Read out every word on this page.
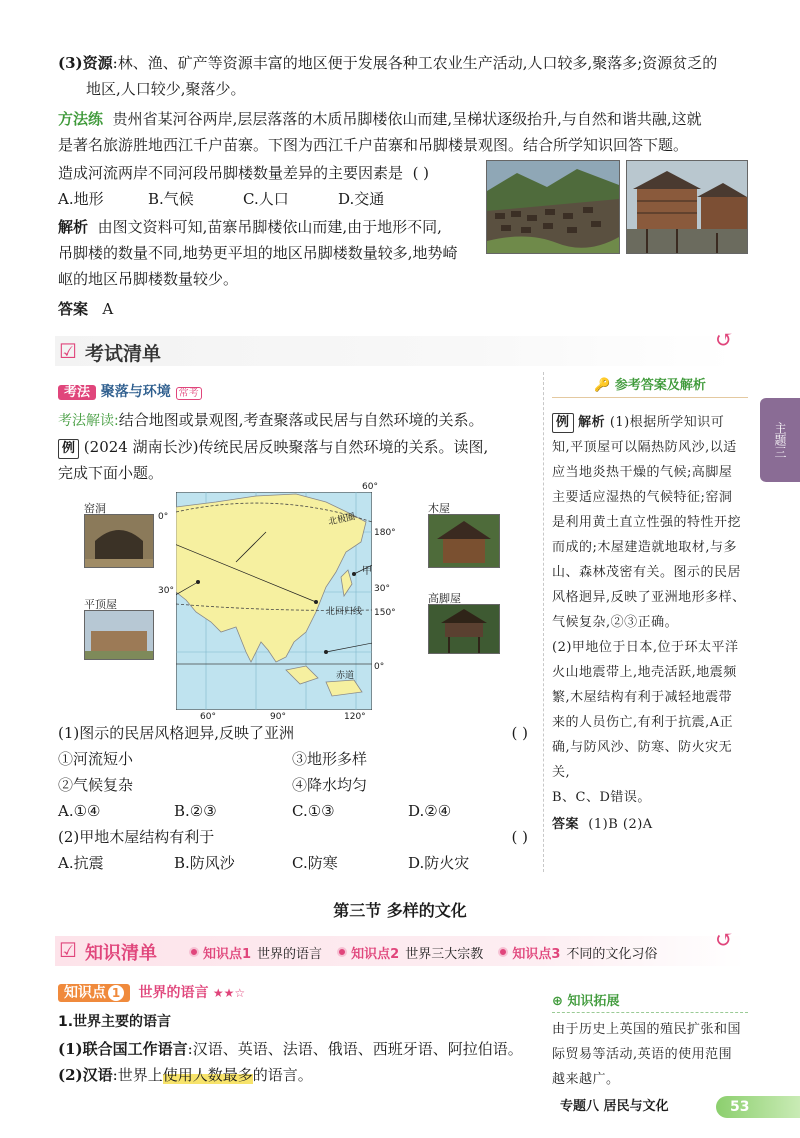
(3)资源:林、渔、矿产等资源丰富的地区便于发展各种工农业生产活动,人口较多,聚落多;资源贫乏的
地区,人口较少,聚落少。
方法练 贵州省某河谷两岸,层层落落的木质吊脚楼依山而建,呈梯状逐级抬升,与自然和谐共融,这就
是著名旅游胜地西江千户苗寨。下图为西江千户苗寨和吊脚楼景观图。结合所学知识回答下题。
造成河流两岸不同河段吊脚楼数量差异的主要因素是 ( )
A.地形	B.气候	C.人口	D.交通
解析 由图文资料可知,苗寨吊脚楼依山而建,由于地形不同,
吊脚楼的数量不同,地势更平坦的地区吊脚楼数量较多,地势崎
岖的地区吊脚楼数量较少。
答案 A
☑ 考试清单
↺
考法 聚落与环境 常考
考法解读:结合地图或景观图,考查聚落或民居与自然环境的关系。
例 (2024 湖南长沙)传统民居反映聚落与自然环境的关系。读图,
完成下面小题。
北极圈
北回归线
赤道
甲
60°
180°
0°
30°	30°
150°
0°
60°	90°	120°
窑洞
平顶屋
木屋
高脚屋
(1)图示的民居风格迥异,反映了亚洲	( )
①河流短小	③地形多样
②气候复杂	④降水均匀
A.①④	B.②③	C.①③	D.②④
(2)甲地木屋结构有利于	( )
A.抗震	B.防风沙	C.防寒	D.防火灾
🔑 参考答案及解析
例 解析 (1)根据所学知识可
知,平顶屋可以隔热防风沙,以适
应当地炎热干燥的气候;高脚屋
主要适应湿热的气候特征;窑洞
是利用黄土直立性强的特性开挖
而成的;木屋建造就地取材,与多
山、森林茂密有关。图示的民居
风格迥异,反映了亚洲地形多样、
气候复杂,②③正确。
(2)甲地位于日本,位于环太平洋
火山地震带上,地壳活跃,地震频
繁,木屋结构有利于减轻地震带
来的人员伤亡,有利于抗震,A正
确,与防风沙、防寒、防火灾无关,
B、C、D错误。
答案 (1)B (2)A
主题三
第三节 多样的文化
☑ 知识清单	知识点1 世界的语言
知识点2 世界三大宗教
知识点3 不同的文化习俗
↺
知识点 1 世界的语言 ★★☆
1.世界主要的语言
(1)联合国工作语言:汉语、英语、法语、俄语、西班牙语、阿拉伯语。
(2)汉语:世界上使用人数最多的语言。
⊕ 知识拓展
由于历史上英国的殖民扩张和国
际贸易等活动,英语的使用范围
越来越广。
专题八 居民与文化	53
